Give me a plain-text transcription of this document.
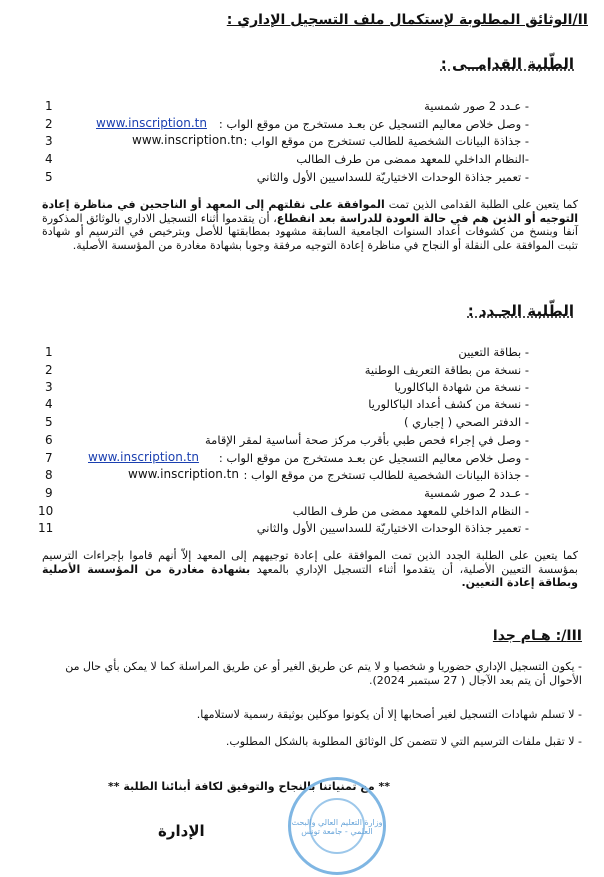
II/الوثائق المطلوبة لإستكمال ملف التسجيل الإداري :
الطّلبة القدامــى :
1	- عـدد 2 صور شمسية
2	- وصل خلاص معاليم التسجيل عن بعـد مستخرج من موقع الواب :
www.inscription.tn
3	- جذاذة البيانات الشخصية للطالب تستخرج من موقع الواب :
www.inscription.tn
4	-النظام الداخلي للمعهد ممضى من طرف الطالب
5	- تعمير جذاذة الوحدات الاختياريّة للسداسيين الأول والثاني
كما يتعين على الطلبة القدامى الذين تمت الموافقة على نقلتهم إلى المعهد أو الناجحين في مناظرة إعادة التوجيه أو الذين هم في حالة العودة للدراسة بعد انقطاع، أن يتقدموا أثناء التسجيل الاداري بالوثائق المذكورة آنفا وبنسخ من كشوفات أعداد السنوات الجامعية السابقة مشهود بمطابقتها للأصل وبترخيص في الترسيم أو شهادة تثبت الموافقة على النقلة أو النجاح في مناظرة إعادة التوجيه مرفقة وجوبا بشهادة مغادرة من المؤسسة الأصلية.
الطّلبة الجـدد :
1	- بطاقة التعيين
2	- نسخة من بطاقة التعريف الوطنية
3	- نسخة من شهادة الباكالوريا
4	- نسخة من كشف أعداد الباكالوريا
5	- الدفتر الصحي ( إجباري )
6	- وصل في إجراء فحص طبي بأقرب مركز صحة أساسية لمقر الإقامة
7	- وصل خلاص معاليم التسجيل عن بعـد مستخرج من موقع الواب :
www.inscription.tn
8	- جذاذة البيانات الشخصية للطالب تستخرج من موقع الواب :
www.inscription.tn
9	- عـدد 2 صور شمسية
10	- النظام الداخلي للمعهد ممضى من طرف الطالب
11	- تعمير جذاذة الوحدات الاختياريّة للسداسيين الأول والثاني
كما يتعين على الطلبة الجدد الذين تمت الموافقة على إعادة توجيههم إلى المعهد إلاّ أنهم قاموا بإجراءات الترسيم بمؤسسة التعيين الأصلية، أن يتقدموا أثناء التسجيل الإداري بالمعهد بشهادة مغادرة من المؤسسة الأصلية وبطاقة إعادة التعيين.
III/: هـام جدا
- يكون التسجيل الإداري حضوريا و شخصيا و لا يتم عن طريق الغير أو عن طريق المراسلة كما لا يمكن بأي حال من الأحوال أن يتم بعد الآجال ( 27 سبتمبر 2024).
- لا تسلم شهادات التسجيل لغير أصحابها إلا أن يكونوا موكلين بوثيقة رسمية لاستلامها.
- لا تقبل ملفات الترسيم التي لا تتضمن كل الوثائق المطلوبة بالشكل المطلوب.
** مع تمنياتنا بالنجاح والتوفيق لكافة أبنائنا الطلبة **
الإدارة	وزارة التعليم العالي والبحث العلمي - جامعة تونس
